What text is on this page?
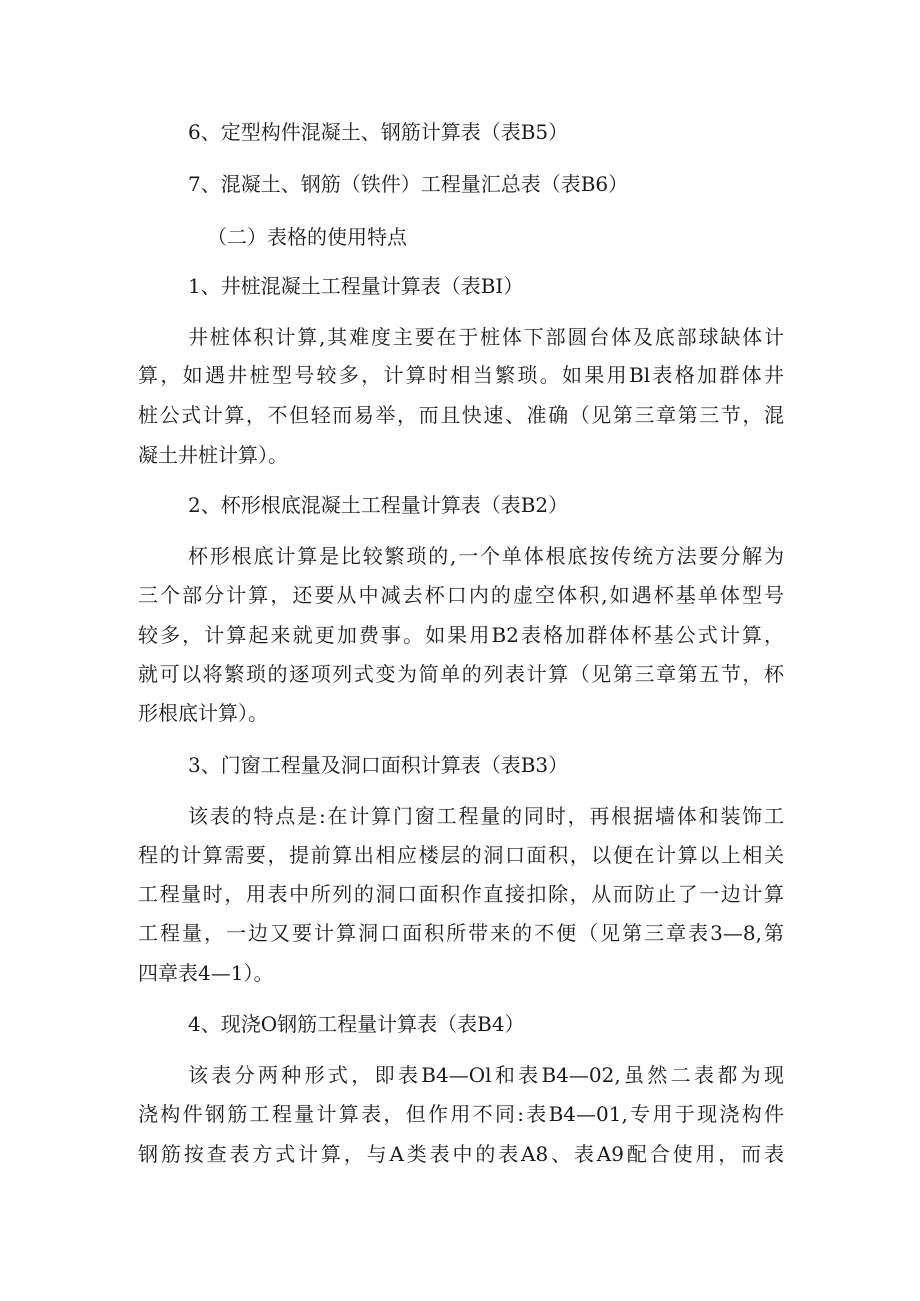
6、定型构件混凝土、钢筋计算表（表B5）
7、混凝土、钢筋（铁件）工程量汇总表（表B6）
（二）表格的使用特点
1、井桩混凝土工程量计算表（表BI）
井桩体积计算,其难度主要在于桩体下部圆台体及底部球缺体计
算，如遇井桩型号较多，计算时相当繁琐。如果用Bl表格加群体井
桩公式计算，不但轻而易举，而且快速、准确（见第三章第三节，混
凝土井桩计算）。
2、杯形根底混凝土工程量计算表（表B2）
杯形根底计算是比较繁琐的,一个单体根底按传统方法要分解为
三个部分计算，还要从中减去杯口内的虚空体积,如遇杯基单体型号
较多，计算起来就更加费事。如果用B2表格加群体杯基公式计算，
就可以将繁琐的逐项列式变为简单的列表计算（见第三章第五节，杯
形根底计算）。
3、门窗工程量及洞口面积计算表（表B3）
该表的特点是:在计算门窗工程量的同时，再根据墙体和装饰工
程的计算需要，提前算出相应楼层的洞口面积，以便在计算以上相关
工程量时，用表中所列的洞口面积作直接扣除，从而防止了一边计算
工程量，一边又要计算洞口面积所带来的不便（见第三章表3—8,第
四章表4—1）。
4、现浇O钢筋工程量计算表（表B4）
该表分两种形式，即表B4—Ol和表B4—02,虽然二表都为现
浇构件钢筋工程量计算表，但作用不同:表B4—01,专用于现浇构件
钢筋按查表方式计算，与A类表中的表A8、表A9配合使用，而表
